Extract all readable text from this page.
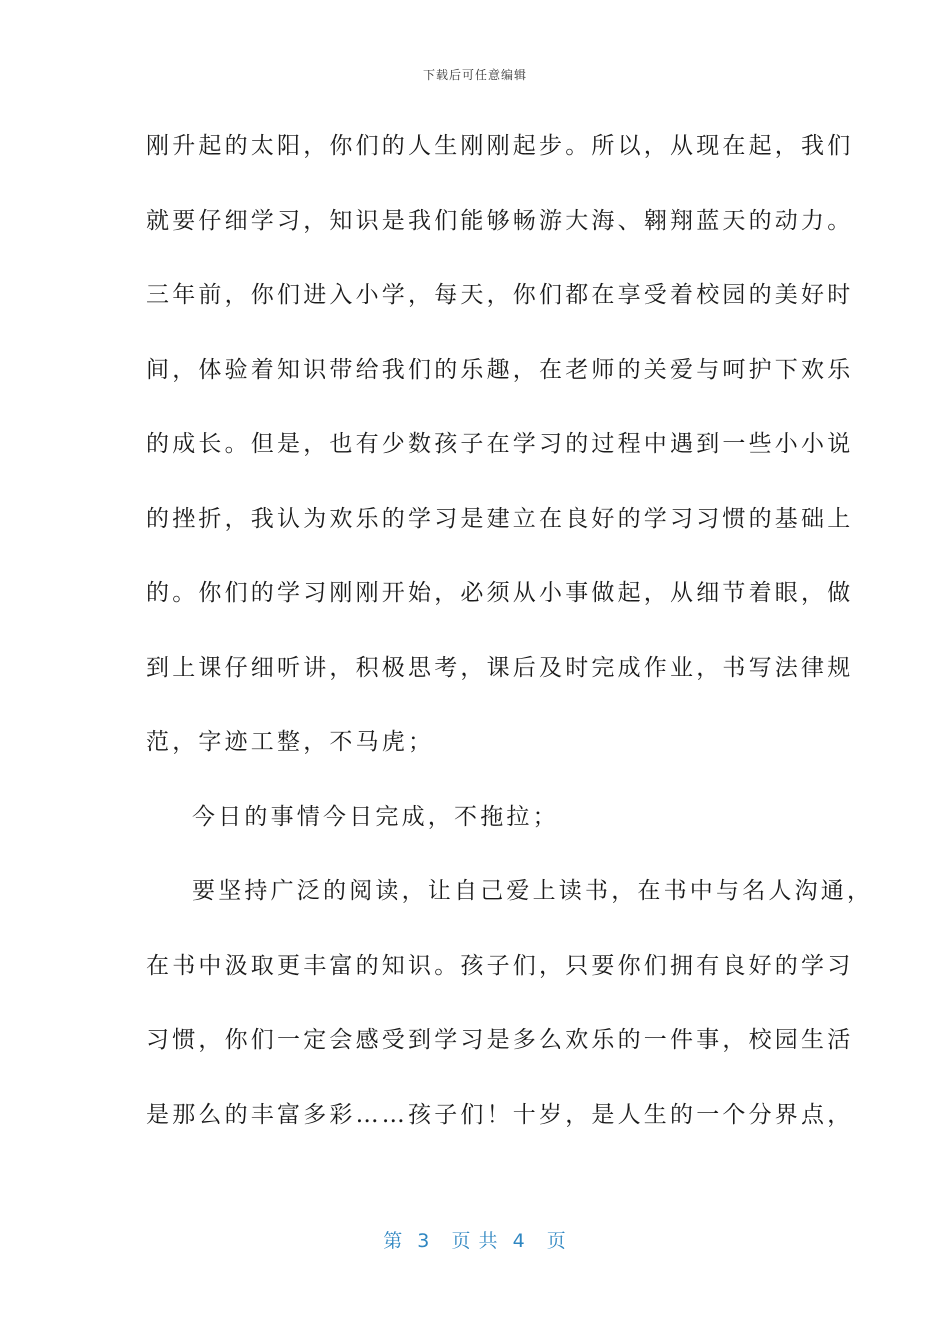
下载后可任意编辑
刚升起的太阳，你们的人生刚刚起步。所以，从现在起，我们
就要仔细学习，知识是我们能够畅游大海、翱翔蓝天的动力。
三年前，你们进入小学，每天，你们都在享受着校园的美好时
间，体验着知识带给我们的乐趣，在老师的关爱与呵护下欢乐
的成长。但是，也有少数孩子在学习的过程中遇到一些小小说
的挫折，我认为欢乐的学习是建立在良好的学习习惯的基础上
的。你们的学习刚刚开始，必须从小事做起，从细节着眼，做
到上课仔细听讲，积极思考，课后及时完成作业，书写法律规
范，字迹工整，不马虎；
今日的事情今日完成，不拖拉；
要坚持广泛的阅读，让自己爱上读书，在书中与名人沟通，
在书中汲取更丰富的知识。孩子们，只要你们拥有良好的学习
习惯，你们一定会感受到学习是多么欢乐的一件事，校园生活
是那么的丰富多彩……孩子们！十岁，是人生的一个分界点，
第  3   页 共  4   页
